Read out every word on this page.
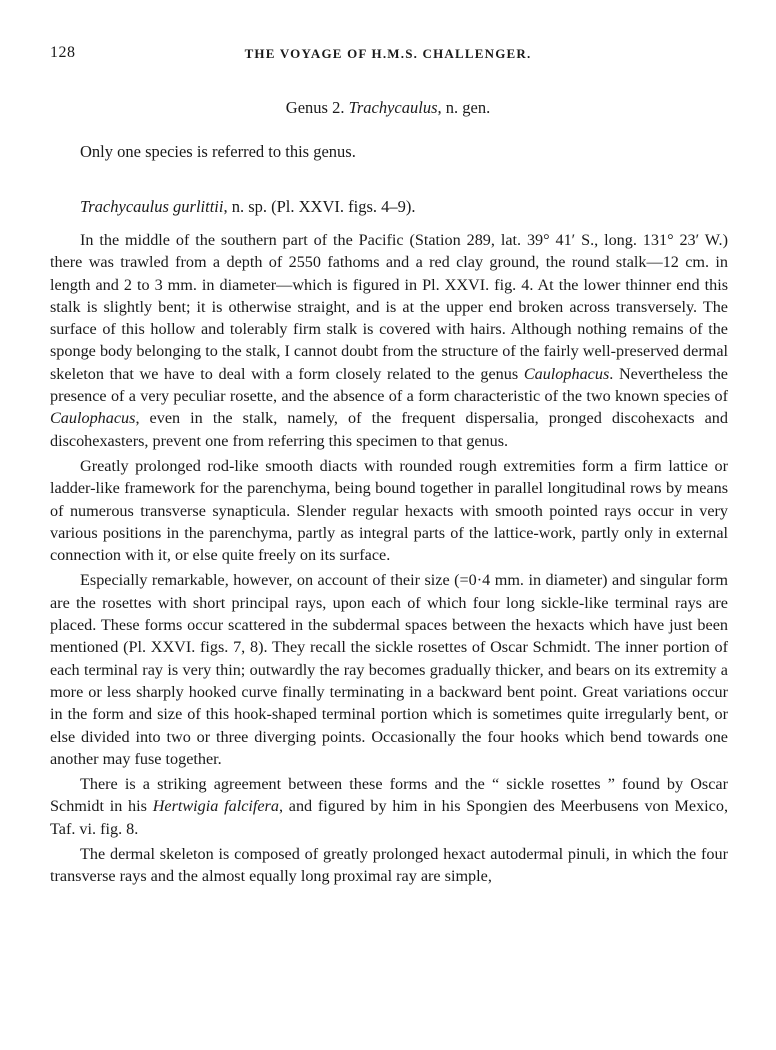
128	THE VOYAGE OF H.M.S. CHALLENGER.
Genus 2. Trachycaulus, n. gen.
Only one species is referred to this genus.
Trachycaulus gurlittii, n. sp. (Pl. XXVI. figs. 4–9).

In the middle of the southern part of the Pacific (Station 289, lat. 39° 41′ S., long. 131° 23′ W.) there was trawled from a depth of 2550 fathoms and a red clay ground, the round stalk—12 cm. in length and 2 to 3 mm. in diameter—which is figured in Pl. XXVI. fig. 4. At the lower thinner end this stalk is slightly bent; it is otherwise straight, and is at the upper end broken across transversely. The surface of this hollow and tolerably firm stalk is covered with hairs. Although nothing remains of the sponge body belonging to the stalk, I cannot doubt from the structure of the fairly well-preserved dermal skeleton that we have to deal with a form closely related to the genus Caulophacus. Nevertheless the presence of a very peculiar rosette, and the absence of a form characteristic of the two known species of Caulophacus, even in the stalk, namely, of the frequent dispersalia, pronged discohexacts and discohexasters, prevent one from referring this specimen to that genus.

Greatly prolonged rod-like smooth diacts with rounded rough extremities form a firm lattice or ladder-like framework for the parenchyma, being bound together in parallel longitudinal rows by means of numerous transverse synapticula. Slender regular hexacts with smooth pointed rays occur in very various positions in the parenchyma, partly as integral parts of the lattice-work, partly only in external connection with it, or else quite freely on its surface.

Especially remarkable, however, on account of their size (=0·4 mm. in diameter) and singular form are the rosettes with short principal rays, upon each of which four long sickle-like terminal rays are placed. These forms occur scattered in the subdermal spaces between the hexacts which have just been mentioned (Pl. XXVI. figs. 7, 8). They recall the sickle rosettes of Oscar Schmidt. The inner portion of each terminal ray is very thin; outwardly the ray becomes gradually thicker, and bears on its extremity a more or less sharply hooked curve finally terminating in a backward bent point. Great variations occur in the form and size of this hook-shaped terminal portion which is sometimes quite irregularly bent, or else divided into two or three diverging points. Occasionally the four hooks which bend towards one another may fuse together.

There is a striking agreement between these forms and the “ sickle rosettes ” found by Oscar Schmidt in his Hertwigia falcifera, and figured by him in his Spongien des Meerbusens von Mexico, Taf. vi. fig. 8.

The dermal skeleton is composed of greatly prolonged hexact autodermal pinuli, in which the four transverse rays and the almost equally long proximal ray are simple,
